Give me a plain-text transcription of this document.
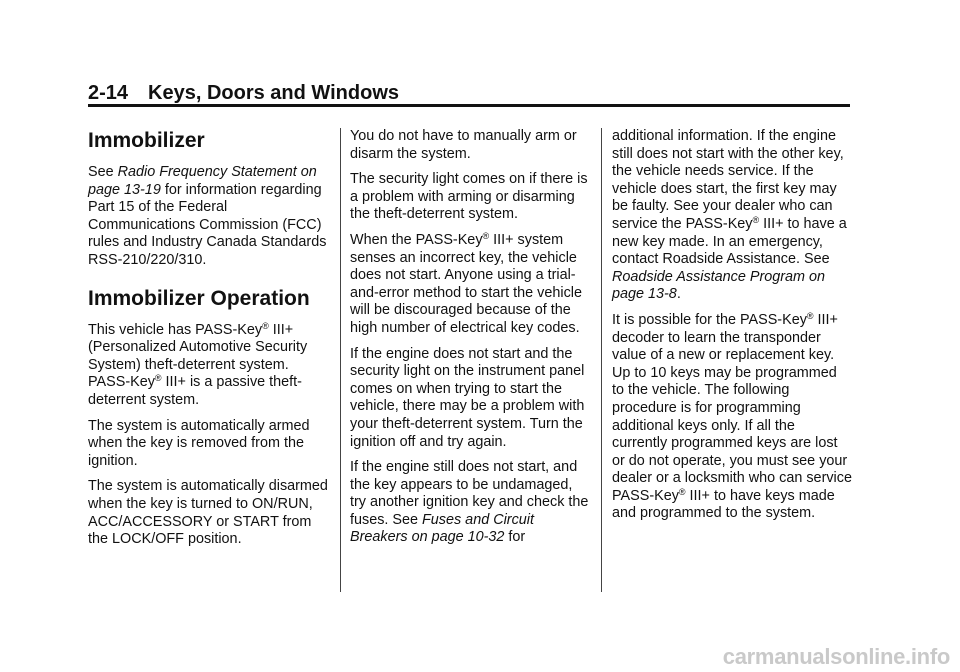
2-14 Keys, Doors and Windows
Immobilizer

See Radio Frequency Statement on page 13-19 for information regarding Part 15 of the Federal Communications Commission (FCC) rules and Industry Canada Standards RSS-210/220/310.

Immobilizer Operation

This vehicle has PASS-Key® III+ (Personalized Automotive Security System) theft-deterrent system. PASS-Key® III+ is a passive theft-deterrent system.

The system is automatically armed when the key is removed from the ignition.

The system is automatically disarmed when the key is turned to ON/RUN, ACC/ACCESSORY or START from the LOCK/OFF position.

You do not have to manually arm or disarm the system.

The security light comes on if there is a problem with arming or disarming the theft-deterrent system.

When the PASS-Key® III+ system senses an incorrect key, the vehicle does not start. Anyone using a trial-and-error method to start the vehicle will be discouraged because of the high number of electrical key codes.

If the engine does not start and the security light on the instrument panel comes on when trying to start the vehicle, there may be a problem with your theft-deterrent system. Turn the ignition off and try again.

If the engine still does not start, and the key appears to be undamaged, try another ignition key and check the fuses. See Fuses and Circuit Breakers on page 10-32 for

additional information. If the engine still does not start with the other key, the vehicle needs service. If the vehicle does start, the first key may be faulty. See your dealer who can service the PASS-Key® III+ to have a new key made. In an emergency, contact Roadside Assistance. See Roadside Assistance Program on page 13-8.

It is possible for the PASS-Key® III+ decoder to learn the transponder value of a new or replacement key. Up to 10 keys may be programmed to the vehicle. The following procedure is for programming additional keys only. If all the currently programmed keys are lost or do not operate, you must see your dealer or a locksmith who can service PASS-Key® III+ to have keys made and programmed to the system.

carmanualsonline.info
